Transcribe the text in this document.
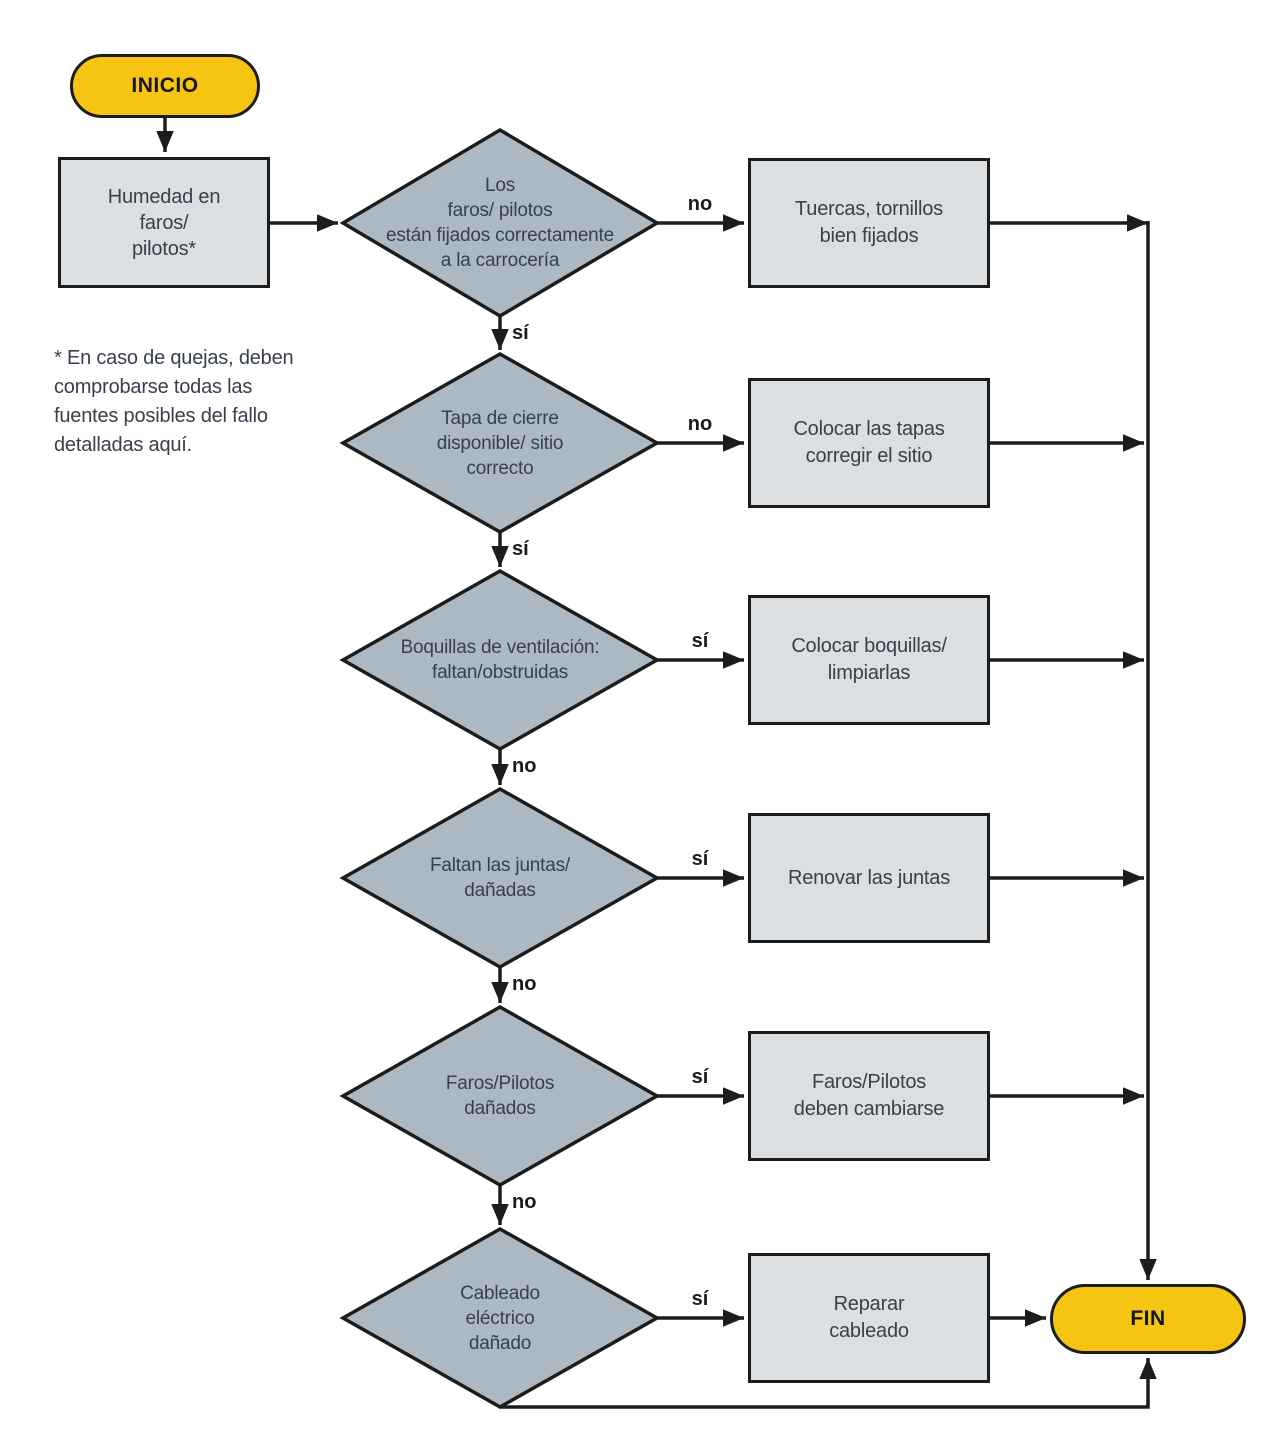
INICIO
FIN
Humedad en
faros/
pilotos*
* En caso de quejas, deben
comprobarse todas las
fuentes posibles del fallo
detalladas aquí.
Los
faros/ pilotos
están fijados correctamente
a la carrocería
Tapa de cierre
disponible/ sitio
correcto
Boquillas de ventilación:
faltan/obstruidas
Faltan las juntas/
dañadas
Faros/Pilotos
dañados
Cableado
eléctrico
dañado
Tuercas, tornillos
bien fijados
Colocar las tapas
corregir el sitio
Colocar boquillas/
limpiarlas
Renovar las juntas
Faros/Pilotos
deben cambiarse
Reparar
cableado
no
no
sí
sí
sí
sí
sí
sí
no
no
no
